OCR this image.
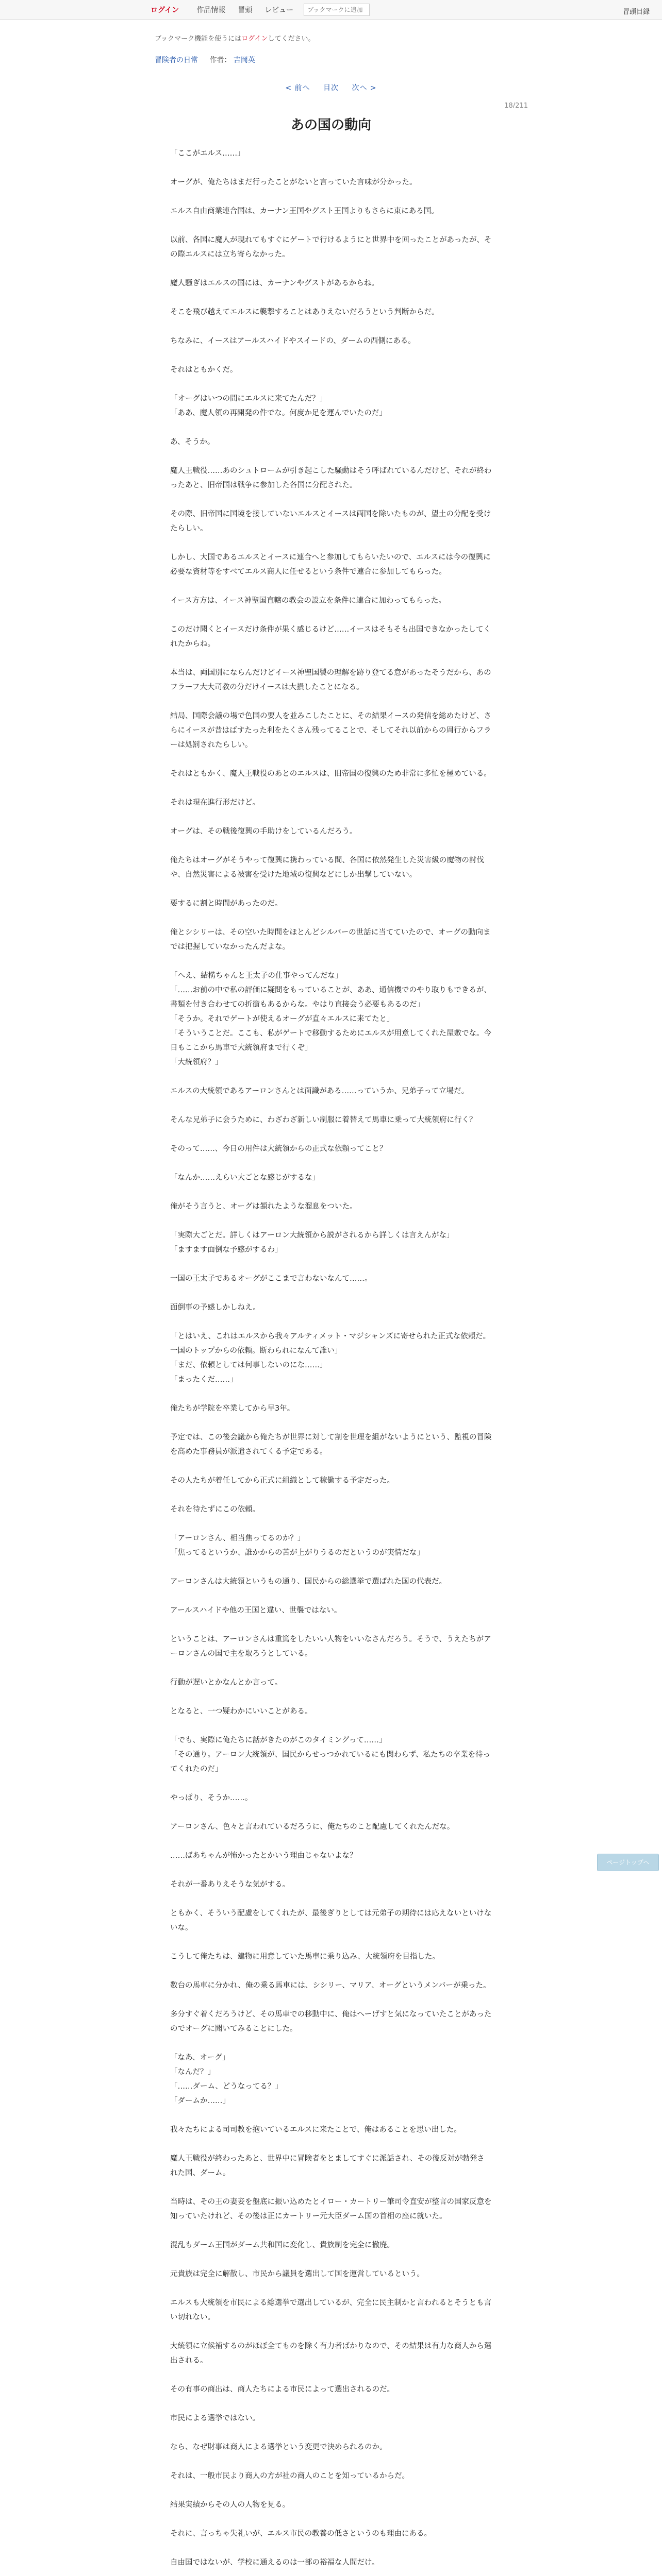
ログイン	作品情報	冒頭	レビュー
ブックマークに追加	冒頭目録
ブックマーク機能を使うにはログインしてください。
冒険者の日常 作者： 吉岡英
< 前へ 目次 次へ >
18/211
あの国の動向

「ここがエルス……」

オーグが、俺たちはまだ行ったことがないと言っていた言味が分かった。

エルス自由商業連合国は、カーナン王国やグスト王国よりもさらに東にある国。

以前、各国に魔人が現れてもすぐにゲートで行けるようにと世界中を回ったことがあったが、その際エルスには立ち寄らなかった。

魔人騒ぎはエルスの国には、カーナンやグストがあるからね。

そこを飛び越えてエルスに襲撃することはありえないだろうという判断からだ。

ちなみに、イースはアールスハイドやスイードの、ダームの西側にある。

それはともかくだ。

「オーグはいつの間にエルスに来てたんだ？」
「ああ、魔人領の再開発の件でな。何度か足を運んでいたのだ」

あ、そうか。

魔人王戦役……あのシュトロームが引き起こした騒動はそう呼ばれているんだけど、それが終わったあと、旧帝国は戦争に参加した各国に分配された。

その際、旧帝国に国境を接していないエルスとイースは両国を除いたものが、望土の分配を受けたらしい。

しかし、大国であるエルスとイースに連合へと参加してもらいたいので、エルスには今の復興に必要な資材等をすべてエルス商人に任せるという条件で連合に参加してもらった。

イース方方は、イース神聖国直轄の教会の設立を条件に連合に加わってもらった。

このだけ聞くとイースだけ条件が果く感じるけど……イースはそもそも出国できなかったしてくれたからね。

本当は、両国別にならんだけどイース神聖国製の理解を跡り登てる意があったそうだから、あのフラーフ大大司教の分だけイースは大損したことになる。

結局、国際会議の場で色国の要人を並みこしたことに、その結果イースの発信を総めたけど、さらにイースが昔はばすたった利をたくさん残ってることで、そしてそれ以前からの周行からフラーは処罰されたらしい。

それはともかく、魔人王戦役のあとのエルスは、旧帝国の復興のため非常に多忙を極めている。

それは現在進行形だけど。

オーグは、その戦後復興の手助けをしているんだろう。

俺たちはオーグがそうやって復興に携わっている間、各国に依然発生した災害級の魔物の討伐や、自然災害による被害を受けた地域の復興などにしか出撃していない。

要するに割と時間があったのだ。

俺とシシリーは、その空いた時間をほとんどシルバーの世話に当てていたので、オーグの動向までは把握していなかったんだよな。

「へえ、結構ちゃんと王太子の仕事やってんだな」
「……お前の中で私の評価に疑問をもっていることが、ああ、通信機でのやり取りもできるが、書類を付き合わせての折衝もあるからな。やはり直接会う必要もあるのだ」
「そうか。それでゲートが使えるオーグが直々エルスに来てたと」
「そういうことだ。ここも、私がゲートで移動するためにエルスが用意してくれた屋敷でな。今日もここから馬車で大統領府まで行くぞ」
「大統領府？」

エルスの大統領であるアーロンさんとは面識がある……っていうか、兄弟子って立場だ。

そんな兄弟子に会うために、わざわざ新しい制服に着替えて馬車に乗って大統領府に行く？

そのって……、今日の用件は大統領からの正式な依頼ってこと？

「なんか……えらい大ごとな感じがするな」

俺がそう言うと、オーグは頷れたような溜息をついた。

「実際大ごとだ。詳しくはアーロン大統領から説がされるから詳しくは言えんがな」
「ますます面倒な予感がするわ」

一国の王太子であるオーグがここまで言わないなんて……。

面倒事の予感しかしねえ。

「とはいえ、これはエルスから我々アルティメット・マジシャンズに寄せられた正式な依頼だ。一国のトップからの依頼。断わられになんて誰い」
「まだ、依頼としては何事しないのにな……」
「まったくだ……」

俺たちが学院を卒業してから早3年。

予定では、この後会議から俺たちが世界に対して割を世理を組がないようにという、監視の冒険を高めた事務員が派遣されてくる予定である。

その人たちが着任してから正式に組織として稼働する予定だった。

それを待たずにこの依頼。

「アーロンさん、相当焦ってるのか？」
「焦ってるというか、誰かからの苦が上がりうるのだというのが実情だな」

アーロンさんは大統領というもの通り、国民からの総選挙で選ばれた国の代表だ。

アールスハイドや他の王国と違い、世襲ではない。

ということは、アーロンさんは重篤をしたいい人物をいいなさんだろう。そうで、うえたちがアーロンさんの国で主を取ろうとしている。

行動が遅いとかなんとか言って。

となると、一つ疑わかにいいことがある。

「でも、実際に俺たちに話がきたのがこのタイミングって……」
「その通り。アーロン大統領が、国民からせっつかれているにも関わらず、私たちの卒業を待ってくれたのだ」

やっぱり、そうか……。

アーロンさん、色々と言われているだろうに、俺たちのこと配慮してくれたんだな。

……ばあちゃんが怖かったとかいう理由じゃないよな？

それが一番ありえそうな気がする。

ともかく、そういう配慮をしてくれたが、最後ぎりとしては元弟子の期待には応えないといけないな。

こうして俺たちは、建物に用意していた馬車に乗り込み、大統領府を目指した。

数台の馬車に分かれ、俺の乗る馬車には、シシリー、マリア、オーグというメンバーが乗った。

多分すぐ着くだろうけど、その馬車での移動中に、俺はへーげすと気になっていたことがあったのでオーグに聞いてみることにした。

「なあ、オーグ」
「なんだ？」
「……ダーム、どうなってる？」
「ダームか……」

我々たちによる司司教を抱いているエルスに来たことで、俺はあることを思い出した。

魔人王戦役が終わったあと、世界中に冒険者をとましてすぐに派話され、その後反対が勃発された国、ダーム。

当時は、その王の妻妾を盤底に振い込めたとイロー・カートリー筆司令直安が整言の国家反意を知っていたけれど、その後は正にカートリー元大臣ダーム国の首相の座に就いた。

混乱もダーム王国がダーム共和国に変化し、貴族制を完全に撤廃。

元貴族は完全に解散し、市民から議員を選出して国を運営しているという。

エルスも大統領を市民による総選挙で選出しているが、完全に民主制かと言われるとそうとも言い切れない。

大統領に立候補するのがほぼ全てものを除く有力者ばかりなので、その結果は有力な商人から選出される。

その有事の商出は、商人たちによる市民によって選出されるのだ。

市民による選挙ではない。

なら、なぜ財事は商人による選挙という変更で決められるのか。

それは、一般市民より商人の方が社の商人のことを知っているからだ。

結果実績からその人の人物を見る。

それに、言っちゃ失礼いが、エルス市民の教養の低さというのも理由にある。

自由国ではないが、学校に通えるのは一部の裕福な人間だけ。

ページトップへ
